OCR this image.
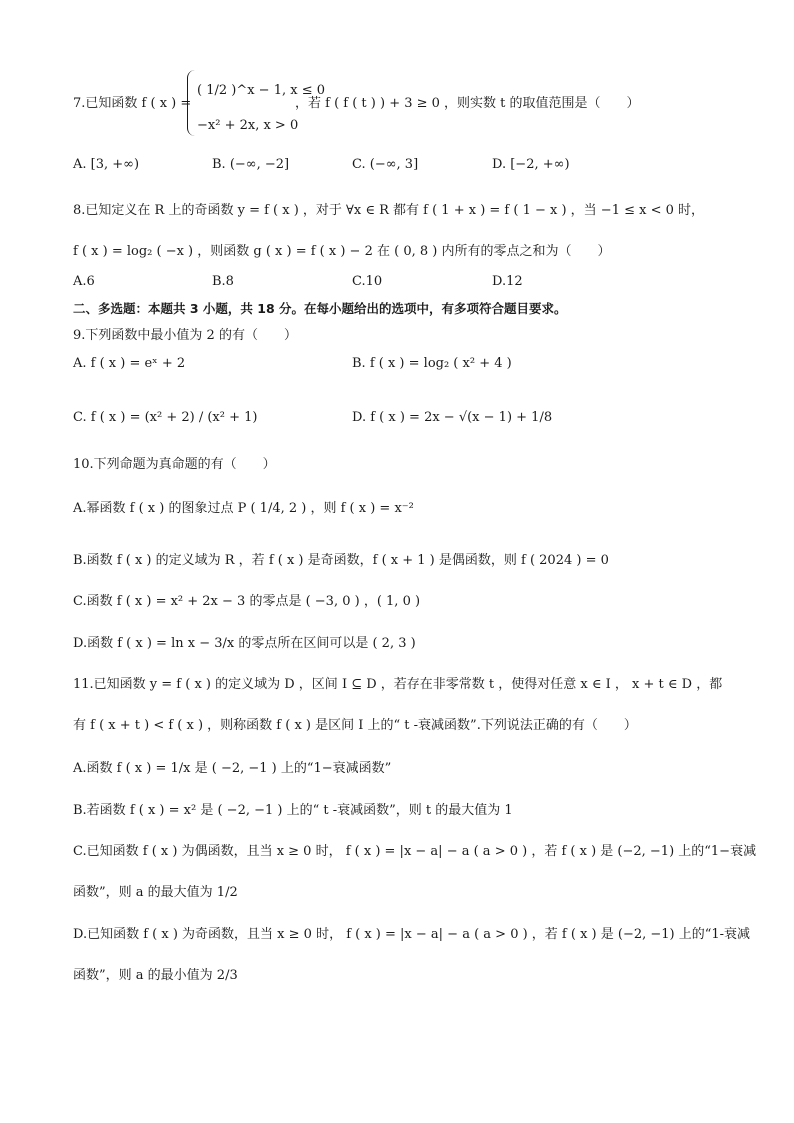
7.已知函数 f ( x ) =
( 1/2 )^x − 1, x ≤ 0
−x² + 2x, x > 0
，若 f ( f ( t ) ) + 3 ≥ 0 ，则实数 t 的取值范围是（　　）
A. [3, +∞)	B. (−∞, −2]	C. (−∞, 3]	D. [−2, +∞)
8.已知定义在 R 上的奇函数 y = f ( x ) ，对于 ∀x ∈ R 都有 f ( 1 + x ) = f ( 1 − x ) ，当 −1 ≤ x < 0 时，
f ( x ) = log₂ ( −x ) ，则函数 g ( x ) = f ( x ) − 2 在 ( 0, 8 ) 内所有的零点之和为（　　）
A.6	B.8	C.10	D.12
二、多选题：本题共 3 小题，共 18 分。在每小题给出的选项中，有多项符合题目要求。
9.下列函数中最小值为 2 的有（　　）
A. f ( x ) = eˣ + 2	B. f ( x ) = log₂ ( x² + 4 )
C. f ( x ) = (x² + 2) / (x² + 1)	D. f ( x ) = 2x − √(x − 1) + 1/8
10.下列命题为真命题的有（　　）
A.幂函数 f ( x ) 的图象过点 P ( 1/4, 2 ) ，则 f ( x ) = x⁻²
B.函数 f ( x ) 的定义域为 R ，若 f ( x ) 是奇函数，f ( x + 1 ) 是偶函数，则 f ( 2024 ) = 0
C.函数 f ( x ) = x² + 2x − 3 的零点是 ( −3, 0 ) ，( 1, 0 )
D.函数 f ( x ) = ln x − 3/x 的零点所在区间可以是 ( 2, 3 )
11.已知函数 y = f ( x ) 的定义域为 D ，区间 I ⊆ D ，若存在非零常数 t ，使得对任意 x ∈ I ， x + t ∈ D ，都
有 f ( x + t ) < f ( x ) ，则称函数 f ( x ) 是区间 I 上的“ t -衰减函数”.下列说法正确的有（　　）
A.函数 f ( x ) = 1/x 是 ( −2, −1 ) 上的“1−衰减函数”
B.若函数 f ( x ) = x² 是 ( −2, −1 ) 上的“ t -衰减函数”，则 t 的最大值为 1
C.已知函数 f ( x ) 为偶函数，且当 x ≥ 0 时， f ( x ) = |x − a| − a ( a > 0 ) ，若 f ( x ) 是 (−2, −1) 上的“1−衰减
函数”，则 a 的最大值为 1/2
D.已知函数 f ( x ) 为奇函数，且当 x ≥ 0 时， f ( x ) = |x − a| − a ( a > 0 ) ，若 f ( x ) 是 (−2, −1) 上的“1-衰减
函数”，则 a 的最小值为 2/3
